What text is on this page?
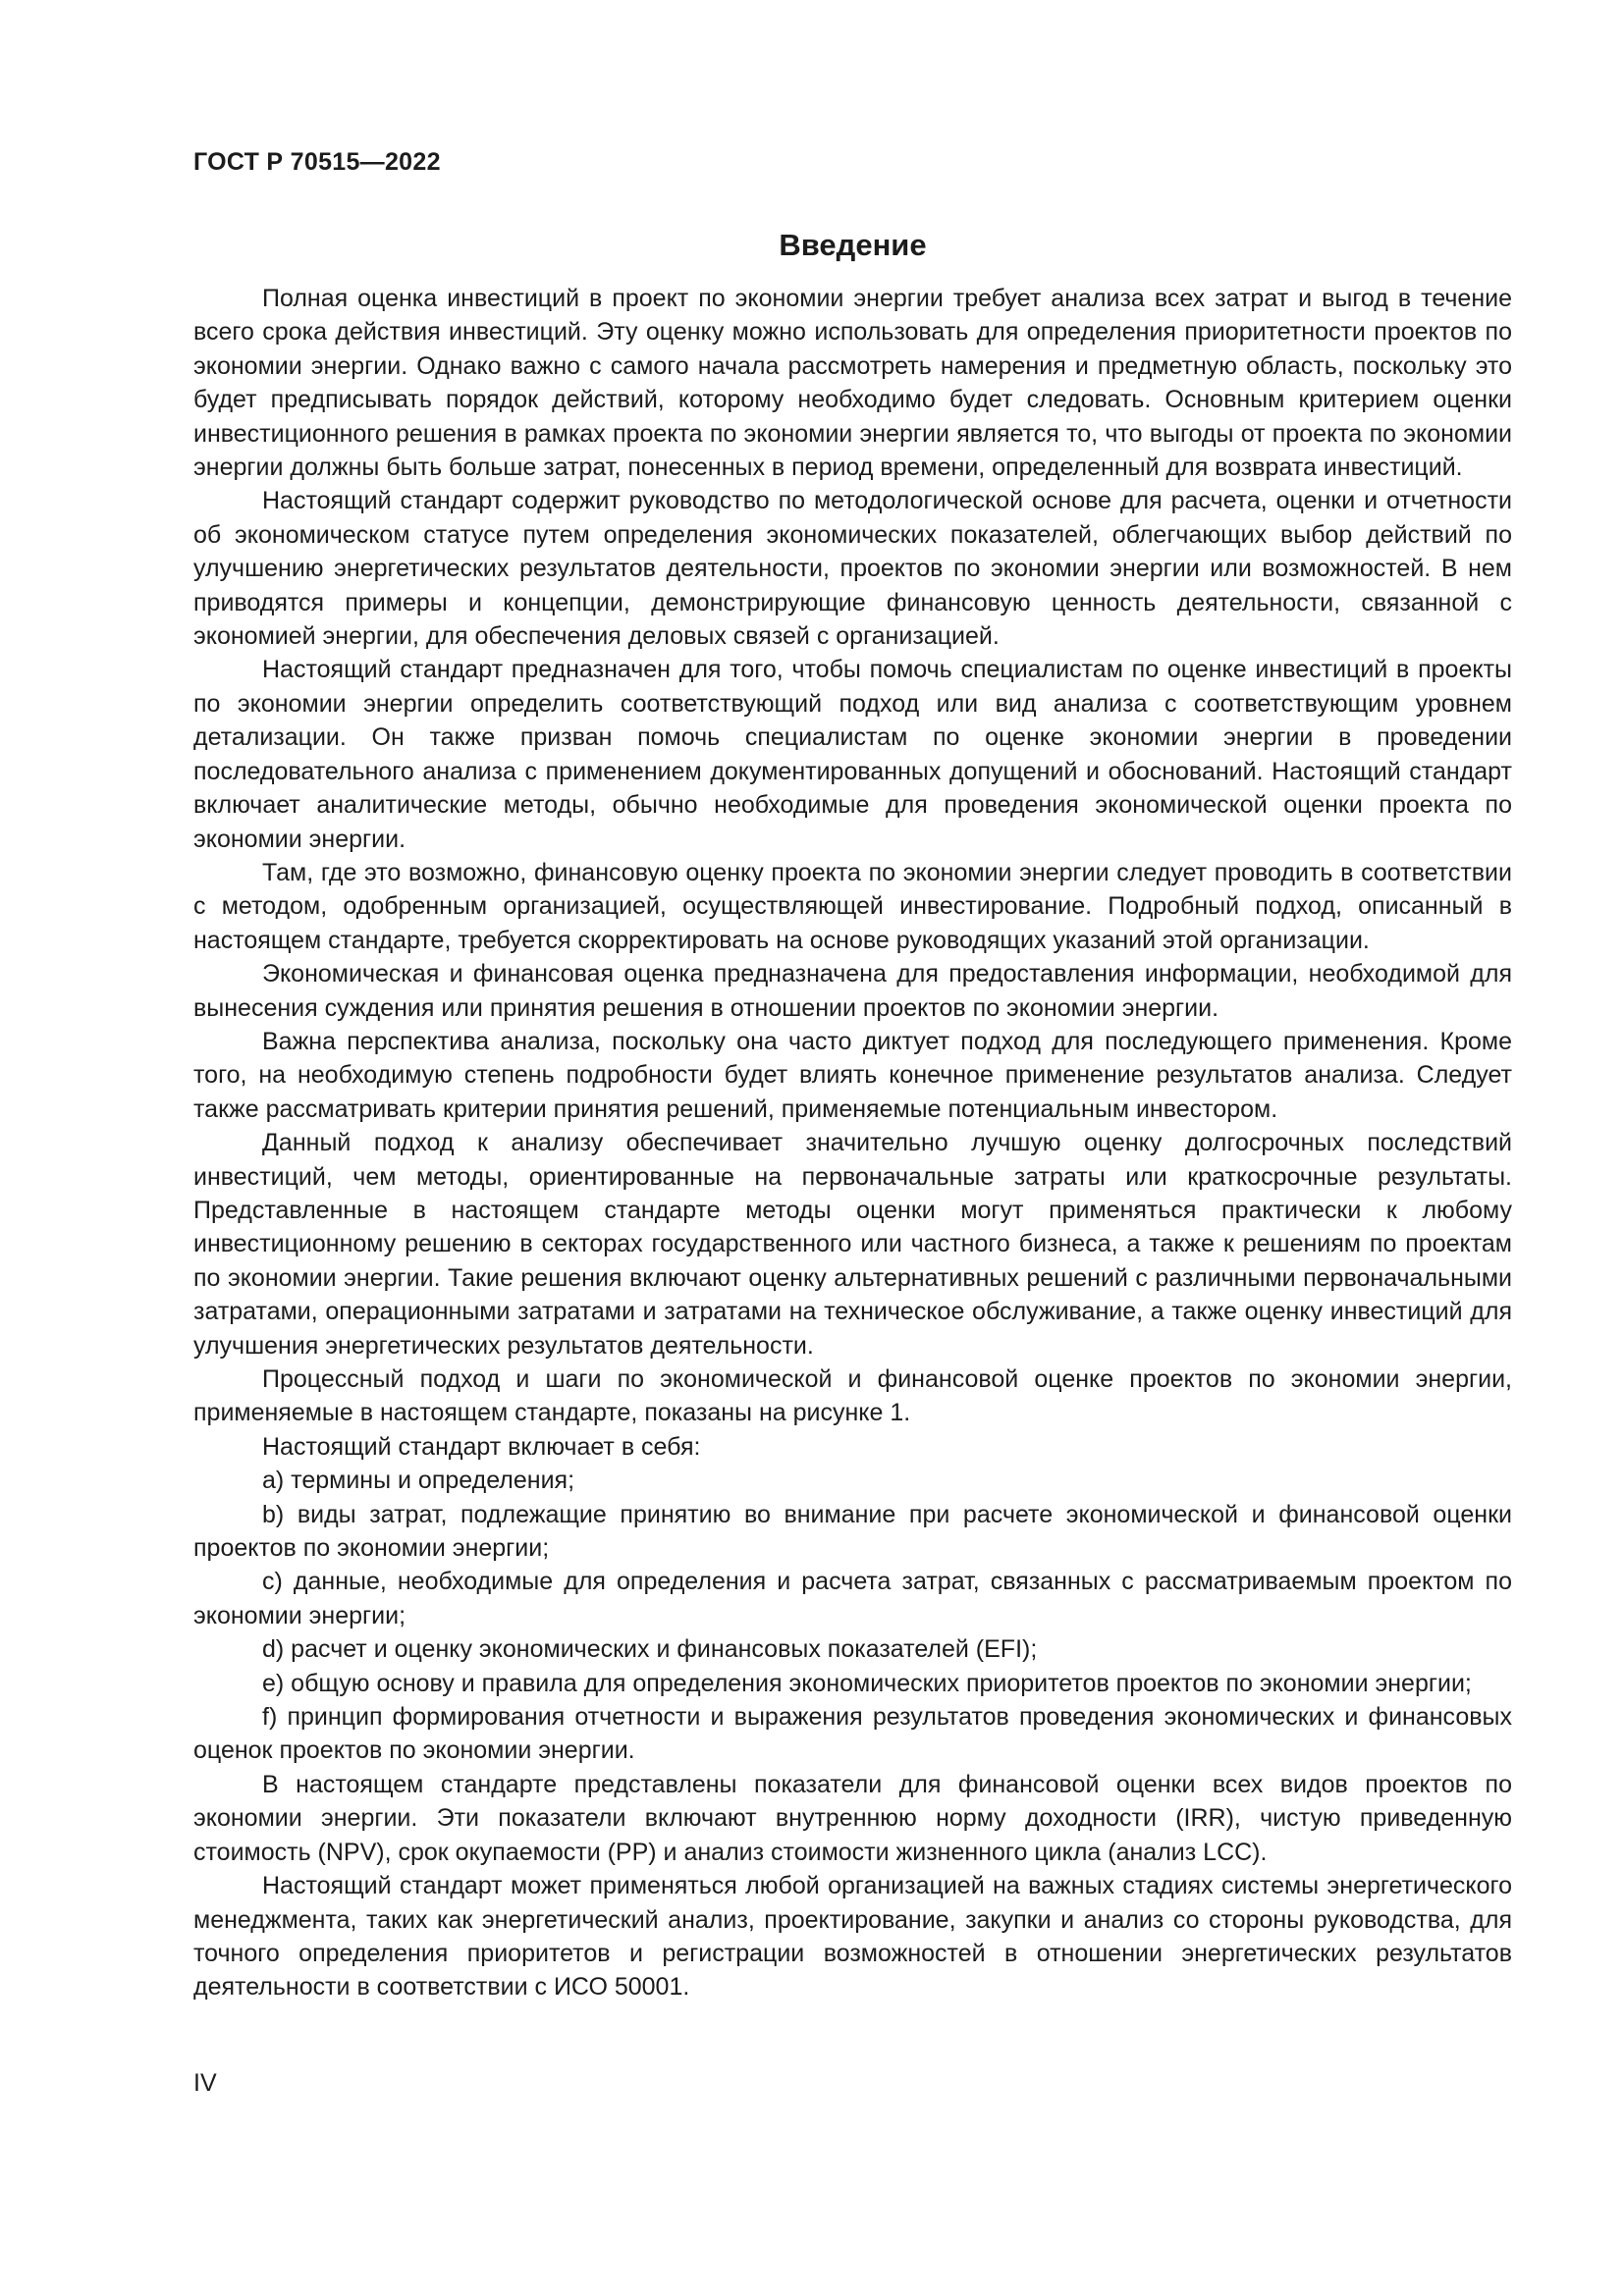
ГОСТ Р 70515—2022

Введение

Полная оценка инвестиций в проект по экономии энергии требует анализа всех затрат и выгод в течение всего срока действия инвестиций. Эту оценку можно использовать для определения приоритетности проектов по экономии энергии. Однако важно с самого начала рассмотреть намерения и предметную область, поскольку это будет предписывать порядок действий, которому необходимо будет следовать. Основным критерием оценки инвестиционного решения в рамках проекта по экономии энергии является то, что выгоды от проекта по экономии энергии должны быть больше затрат, понесенных в период времени, определенный для возврата инвестиций.

Настоящий стандарт содержит руководство по методологической основе для расчета, оценки и отчетности об экономическом статусе путем определения экономических показателей, облегчающих выбор действий по улучшению энергетических результатов деятельности, проектов по экономии энергии или возможностей. В нем приводятся примеры и концепции, демонстрирующие финансовую ценность деятельности, связанной с экономией энергии, для обеспечения деловых связей с организацией.

Настоящий стандарт предназначен для того, чтобы помочь специалистам по оценке инвестиций в проекты по экономии энергии определить соответствующий подход или вид анализа с соответствующим уровнем детализации. Он также призван помочь специалистам по оценке экономии энергии в проведении последовательного анализа с применением документированных допущений и обоснований. Настоящий стандарт включает аналитические методы, обычно необходимые для проведения экономической оценки проекта по экономии энергии.

Там, где это возможно, финансовую оценку проекта по экономии энергии следует проводить в соответствии с методом, одобренным организацией, осуществляющей инвестирование. Подробный подход, описанный в настоящем стандарте, требуется скорректировать на основе руководящих указаний этой организации.

Экономическая и финансовая оценка предназначена для предоставления информации, необходимой для вынесения суждения или принятия решения в отношении проектов по экономии энергии.

Важна перспектива анализа, поскольку она часто диктует подход для последующего применения. Кроме того, на необходимую степень подробности будет влиять конечное применение результатов анализа. Следует также рассматривать критерии принятия решений, применяемые потенциальным инвестором.

Данный подход к анализу обеспечивает значительно лучшую оценку долгосрочных последствий инвестиций, чем методы, ориентированные на первоначальные затраты или краткосрочные результаты. Представленные в настоящем стандарте методы оценки могут применяться практически к любому инвестиционному решению в секторах государственного или частного бизнеса, а также к решениям по проектам по экономии энергии. Такие решения включают оценку альтернативных решений с различными первоначальными затратами, операционными затратами и затратами на техническое обслуживание, а также оценку инвестиций для улучшения энергетических результатов деятельности.

Процессный подход и шаги по экономической и финансовой оценке проектов по экономии энергии, применяемые в настоящем стандарте, показаны на рисунке 1.

Настоящий стандарт включает в себя:

a) термины и определения;

b) виды затрат, подлежащие принятию во внимание при расчете экономической и финансовой оценки проектов по экономии энергии;

c) данные, необходимые для определения и расчета затрат, связанных с рассматриваемым проектом по экономии энергии;

d) расчет и оценку экономических и финансовых показателей (EFI);

e) общую основу и правила для определения экономических приоритетов проектов по экономии энергии;

f) принцип формирования отчетности и выражения результатов проведения экономических и финансовых оценок проектов по экономии энергии.

В настоящем стандарте представлены показатели для финансовой оценки всех видов проектов по экономии энергии. Эти показатели включают внутреннюю норму доходности (IRR), чистую приведенную стоимость (NPV), срок окупаемости (PP) и анализ стоимости жизненного цикла (анализ LCC).

Настоящий стандарт может применяться любой организацией на важных стадиях системы энергетического менеджмента, таких как энергетический анализ, проектирование, закупки и анализ со стороны руководства, для точного определения приоритетов и регистрации возможностей в отношении энергетических результатов деятельности в соответствии с ИСО 50001.

IV
